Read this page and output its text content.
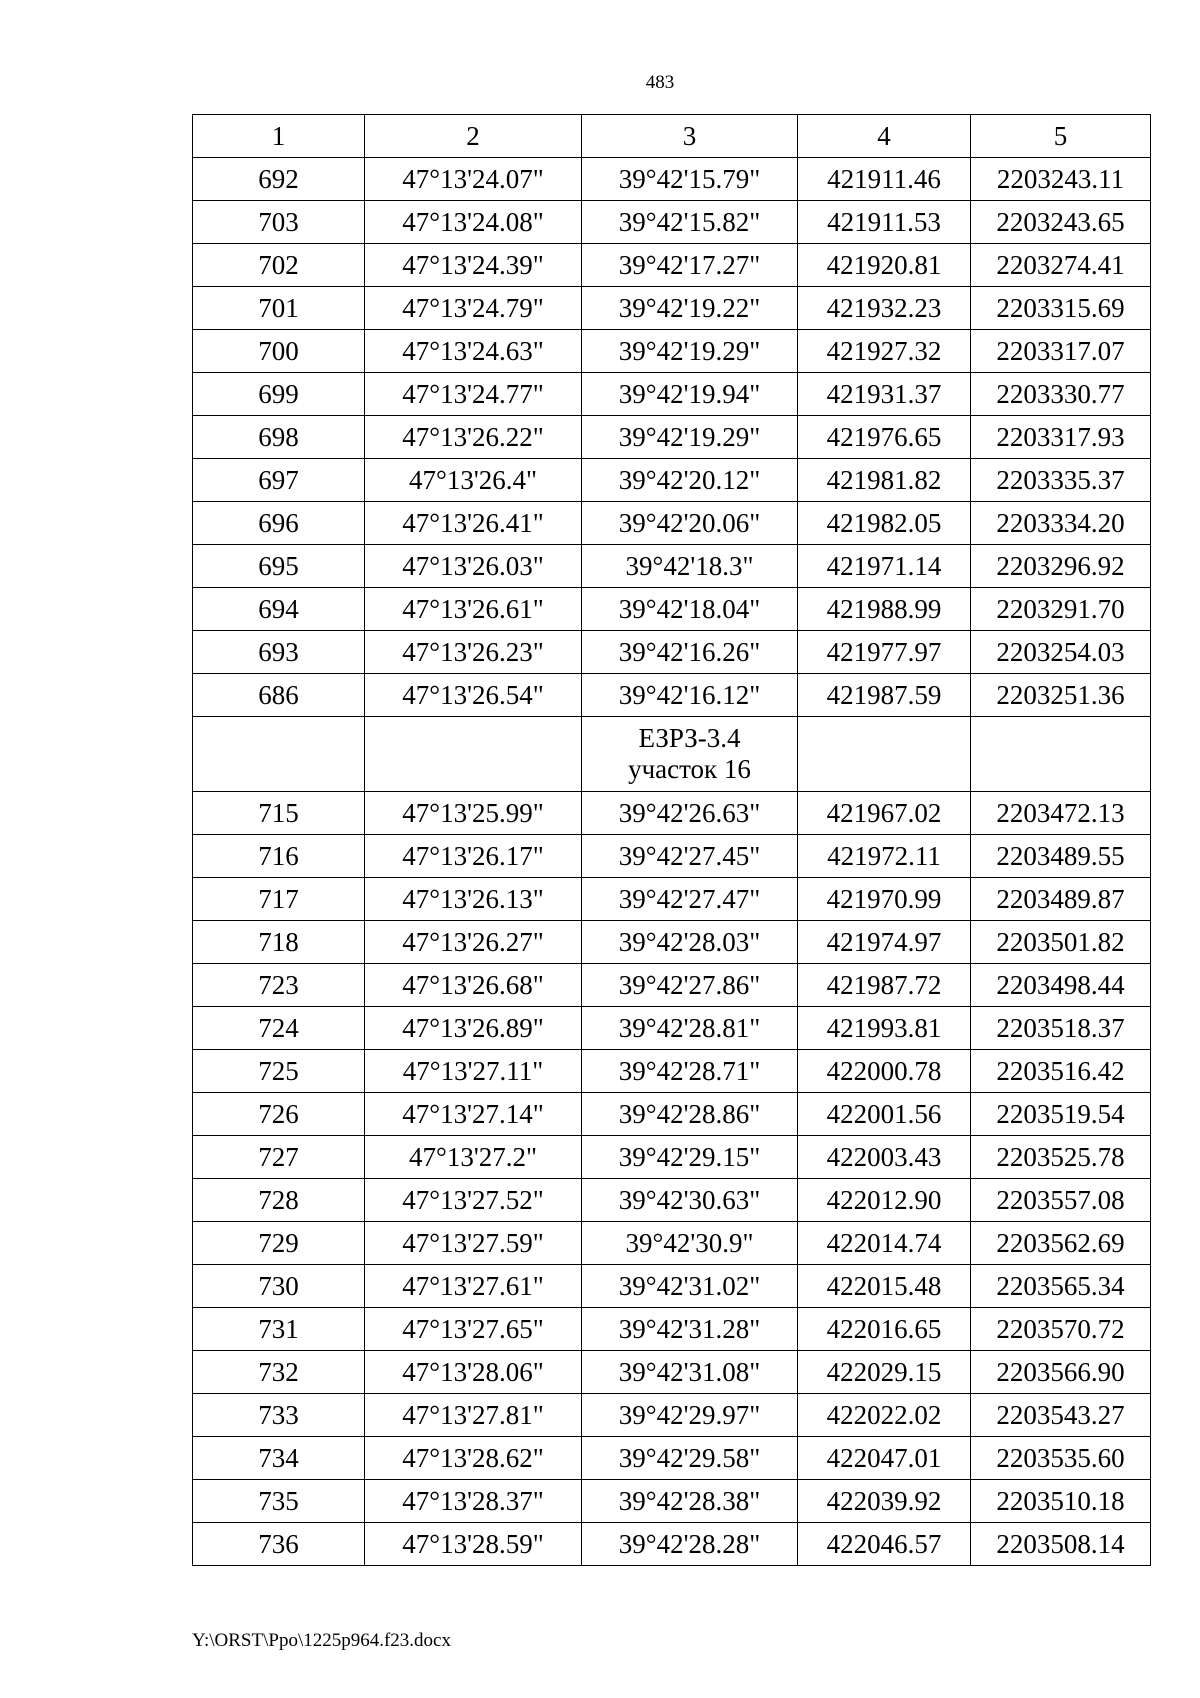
483
1	2	3	4	5
692	47°13'24.07"	39°42'15.79"	421911.46	2203243.11
703	47°13'24.08"	39°42'15.82"	421911.53	2203243.65
702	47°13'24.39"	39°42'17.27"	421920.81	2203274.41
701	47°13'24.79"	39°42'19.22"	421932.23	2203315.69
700	47°13'24.63"	39°42'19.29"	421927.32	2203317.07
699	47°13'24.77"	39°42'19.94"	421931.37	2203330.77
698	47°13'26.22"	39°42'19.29"	421976.65	2203317.93
697	47°13'26.4"	39°42'20.12"	421981.82	2203335.37
696	47°13'26.41"	39°42'20.06"	421982.05	2203334.20
695	47°13'26.03"	39°42'18.3"	421971.14	2203296.92
694	47°13'26.61"	39°42'18.04"	421988.99	2203291.70
693	47°13'26.23"	39°42'16.26"	421977.97	2203254.03
686	47°13'26.54"	39°42'16.12"	421987.59	2203251.36
		ЕЗРЗ-3.4
участок 16		
715	47°13'25.99"	39°42'26.63"	421967.02	2203472.13
716	47°13'26.17"	39°42'27.45"	421972.11	2203489.55
717	47°13'26.13"	39°42'27.47"	421970.99	2203489.87
718	47°13'26.27"	39°42'28.03"	421974.97	2203501.82
723	47°13'26.68"	39°42'27.86"	421987.72	2203498.44
724	47°13'26.89"	39°42'28.81"	421993.81	2203518.37
725	47°13'27.11"	39°42'28.71"	422000.78	2203516.42
726	47°13'27.14"	39°42'28.86"	422001.56	2203519.54
727	47°13'27.2"	39°42'29.15"	422003.43	2203525.78
728	47°13'27.52"	39°42'30.63"	422012.90	2203557.08
729	47°13'27.59"	39°42'30.9"	422014.74	2203562.69
730	47°13'27.61"	39°42'31.02"	422015.48	2203565.34
731	47°13'27.65"	39°42'31.28"	422016.65	2203570.72
732	47°13'28.06"	39°42'31.08"	422029.15	2203566.90
733	47°13'27.81"	39°42'29.97"	422022.02	2203543.27
734	47°13'28.62"	39°42'29.58"	422047.01	2203535.60
735	47°13'28.37"	39°42'28.38"	422039.92	2203510.18
736	47°13'28.59"	39°42'28.28"	422046.57	2203508.14
Y:\ORST\Ppo\1225p964.f23.docx
